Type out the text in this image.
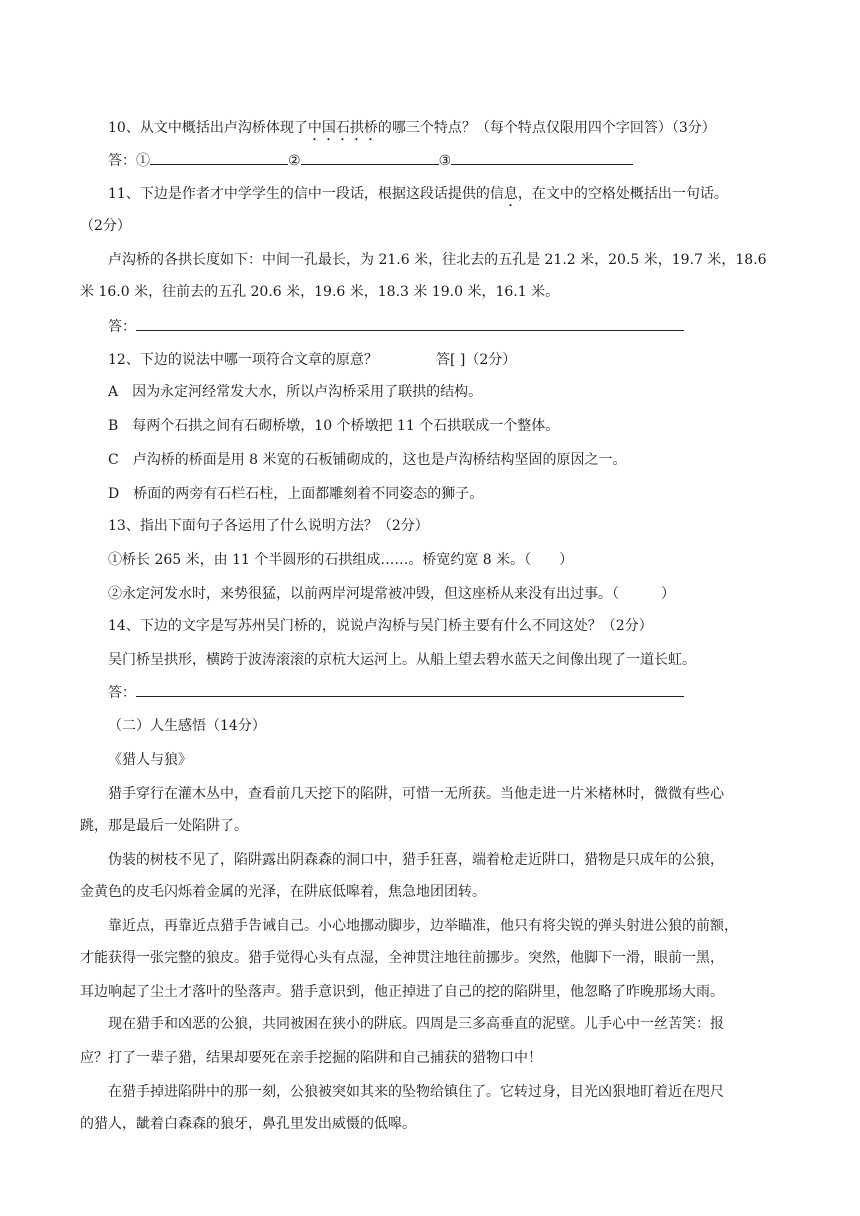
10、从文中概括出卢沟桥体现了中国石拱桥的哪三个特点？（每个特点仅限用四个字回答）（3分）
答：①	②	③
11、下边是作者才中学学生的信中一段话，根据这段话提供的信息，在文中的空格处概括出一句话。
（2分）
卢沟桥的各拱长度如下：中间一孔最长，为 21.6 米，往北去的五孔是 21.2 米，20.5 米，19.7 米，18.6
米 16.0 米，往前去的五孔 20.6 米，19.6 米，18.3 米 19.0 米，16.1 米。
答：
12、下边的说法中哪一项符合文章的原意？	答[ ]（2分）
A　因为永定河经常发大水，所以卢沟桥采用了联拱的结构。
B　每两个石拱之间有石砌桥墩，10 个桥墩把 11 个石拱联成一个整体。
C　卢沟桥的桥面是用 8 米宽的石板铺砌成的，这也是卢沟桥结构坚固的原因之一。
D　桥面的两旁有石栏石柱，上面都雕刻着不同姿态的狮子。
13、指出下面句子各运用了什么说明方法？（2分）
①桥长 265 米，由 11 个半圆形的石拱组成……。桥宽约宽 8 米。（　　）
②永定河发水时，来势很猛，以前两岸河堤常被冲毁，但这座桥从来没有出过事。（　　　）
14、下边的文字是写苏州吴门桥的，说说卢沟桥与吴门桥主要有什么不同这处？（2分）
吴门桥呈拱形，横跨于波涛滚滚的京杭大运河上。从船上望去碧水蓝天之间像出现了一道长虹。
答：
（二）人生感悟（14分）
《猎人与狼》
猎手穿行在灌木丛中，查看前几天挖下的陷阱，可惜一无所获。当他走进一片米楮林时，微微有些心
跳，那是最后一处陷阱了。
伪装的树枝不见了，陷阱露出阴森森的洞口中，猎手狂喜，端着枪走近阱口，猎物是只成年的公狼，
金黄色的皮毛闪烁着金属的光泽，在阱底低嗥着，焦急地团团转。
靠近点，再靠近点猎手告诫自己。小心地挪动脚步，边举瞄准，他只有将尖锐的弹头射进公狼的前额，
才能获得一张完整的狼皮。猎手觉得心头有点湿，全神贯注地往前挪步。突然，他脚下一滑，眼前一黑，
耳边响起了尘土才落叶的坠落声。猎手意识到，他正掉进了自己的挖的陷阱里，他忽略了昨晚那场大雨。
现在猎手和凶恶的公狼，共同被困在狭小的阱底。四周是三多高垂直的泥壁。儿手心中一丝苦笑：报
应？打了一辈子猎，结果却要死在亲手挖掘的陷阱和自己捕获的猎物口中！
在猎手掉进陷阱中的那一刻，公狼被突如其来的坠物给镇住了。它转过身，目光凶狠地盯着近在咫尺
的猎人，龇着白森森的狼牙，鼻孔里发出威慑的低嗥。
